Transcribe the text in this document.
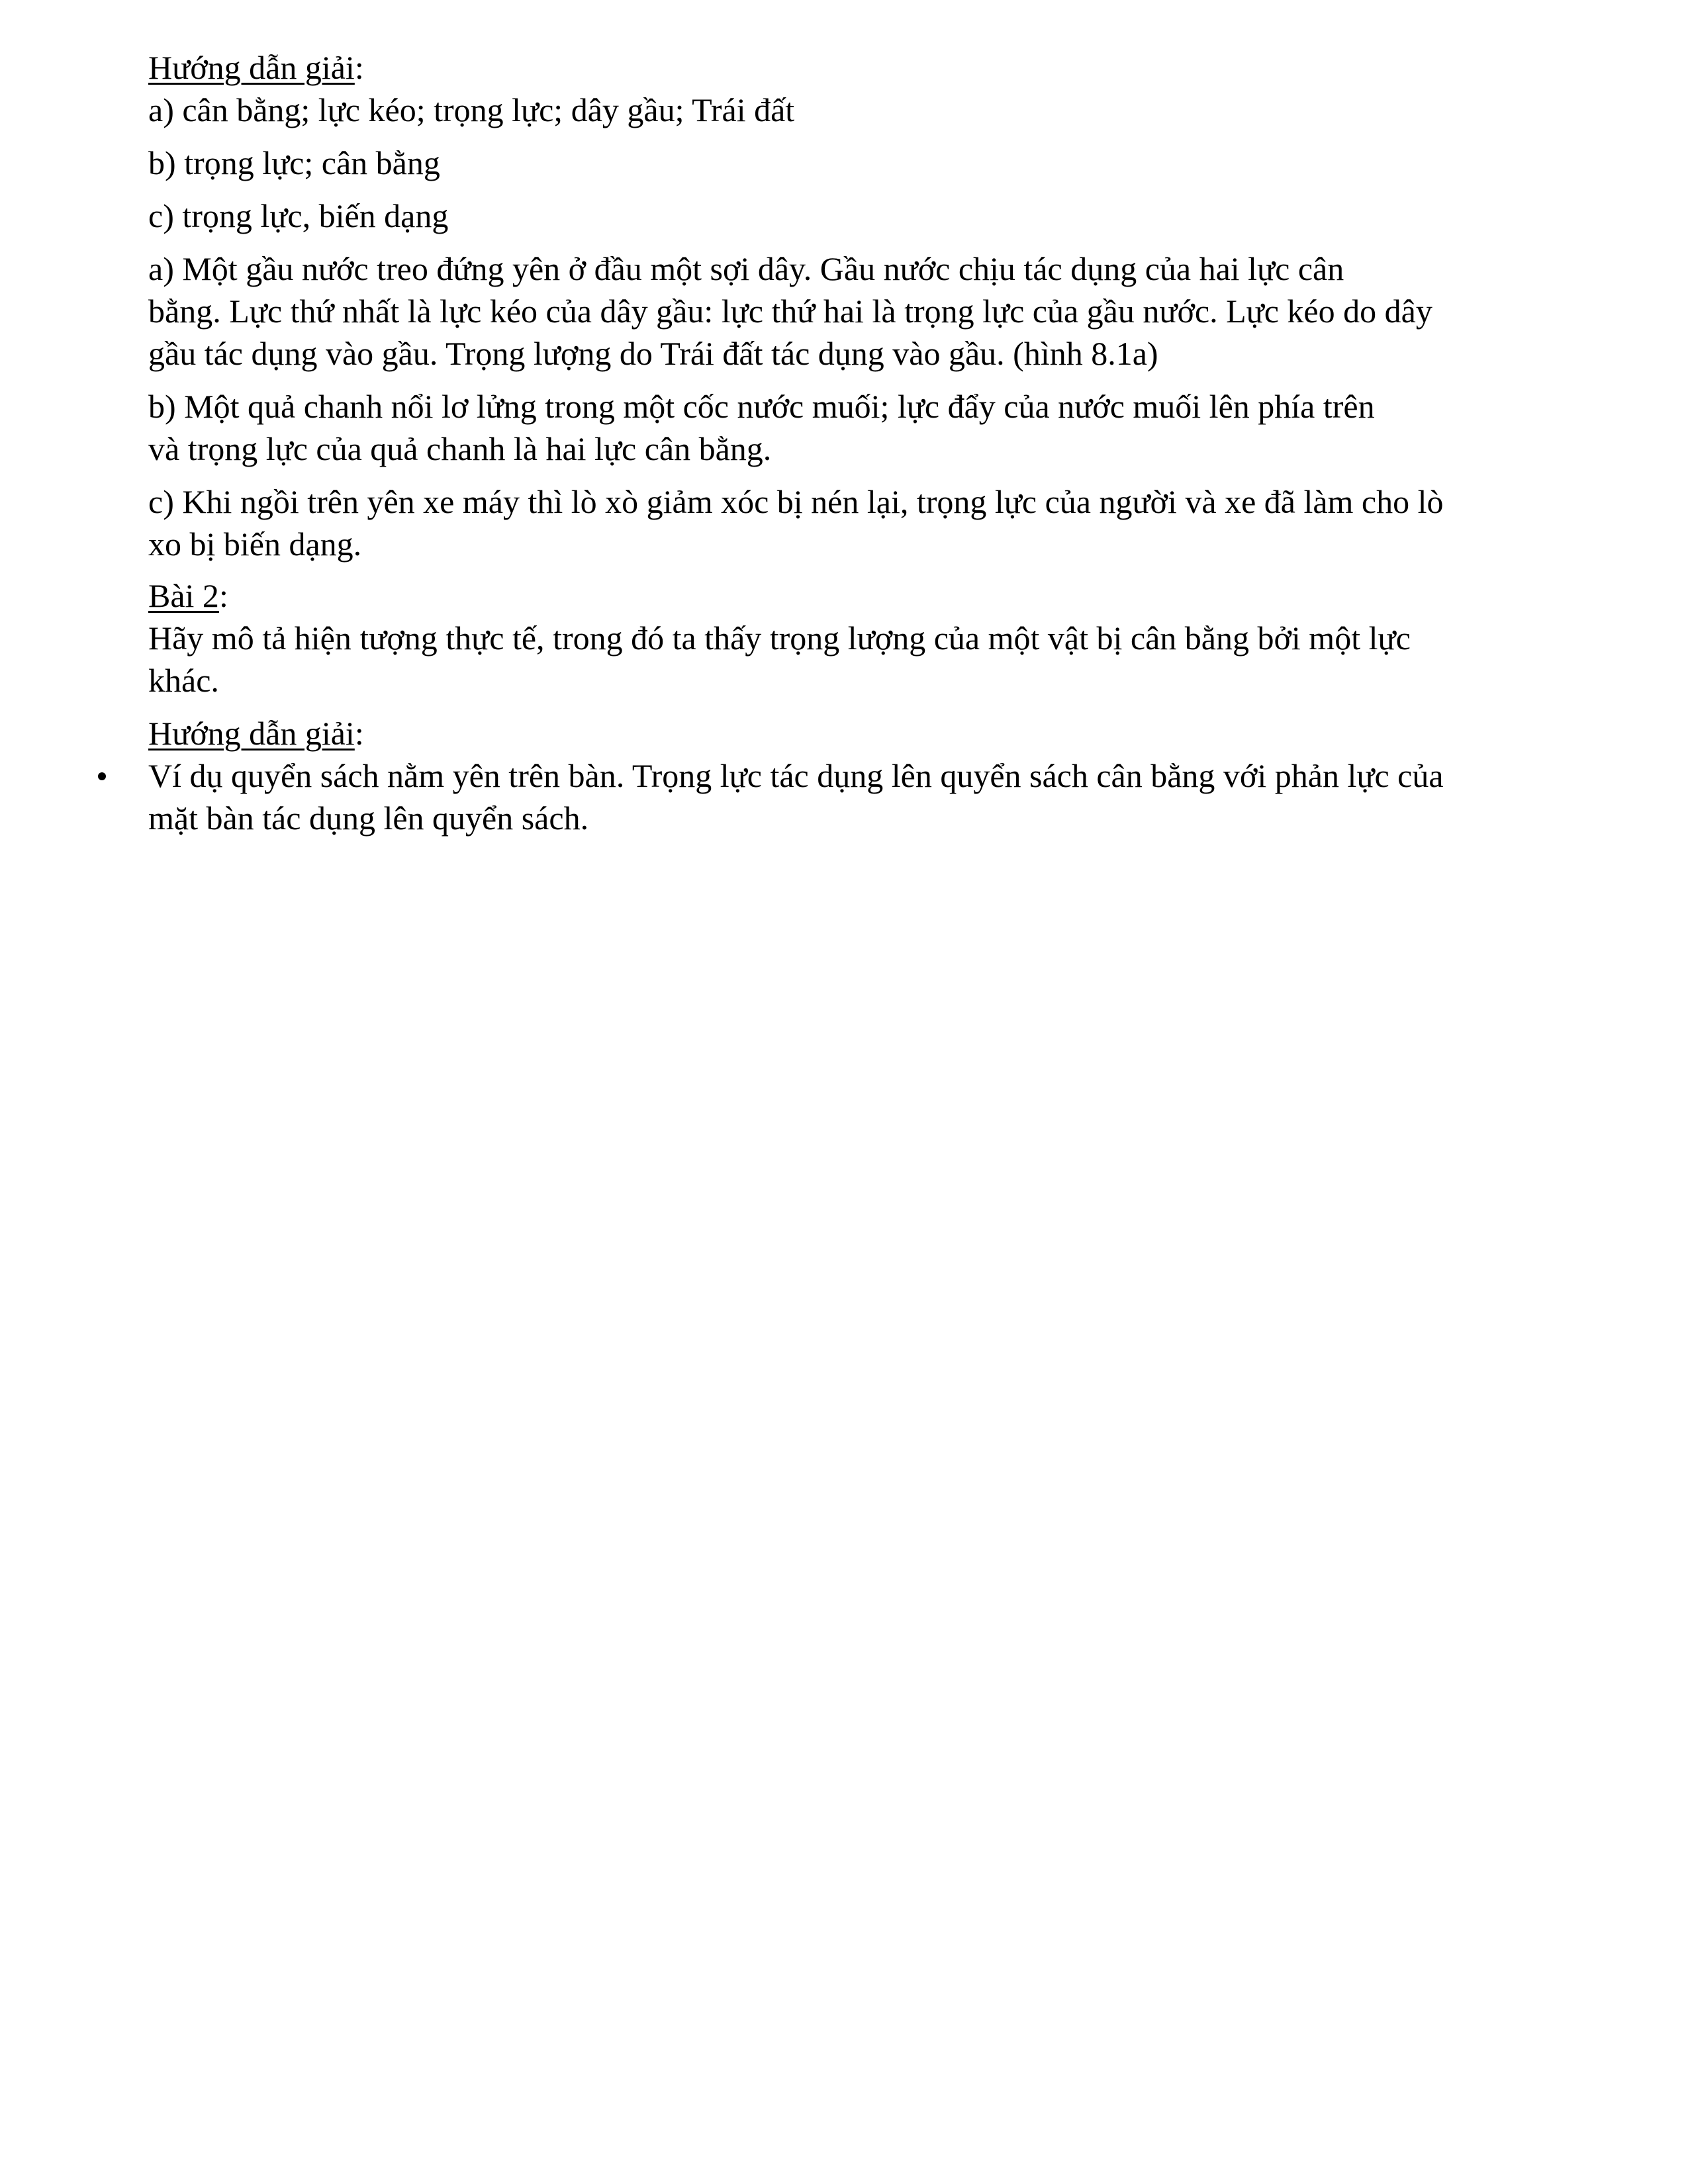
Hướng dẫn giải:

a) cân bằng; lực kéo; trọng lực; dây gầu; Trái đất

b) trọng lực; cân bằng

c) trọng lực, biến dạng

a) Một gầu nước treo đứng yên ở đầu một sợi dây. Gầu nước chịu tác dụng của hai lực cân

bằng. Lực thứ nhất là lực kéo của dây gầu: lực thứ hai là trọng lực của gầu nước. Lực kéo do dây

gầu tác dụng vào gầu. Trọng lượng do Trái đất tác dụng vào gầu. (hình 8.1a)

b) Một quả chanh nổi lơ lửng trong một cốc nước muối; lực đẩy của nước muối lên phía trên

và trọng lực của quả chanh là hai lực cân bằng.

c) Khi ngồi trên yên xe máy thì lò xò giảm xóc bị nén lại, trọng lực của người và xe đã làm cho lò

xo bị biến dạng.

Bài 2:

Hãy mô tả hiện tượng thực tế, trong đó ta thấy trọng lượng của một vật bị cân bằng bởi một lực

khác.

Hướng dẫn giải:

Ví dụ quyển sách nằm yên trên bàn. Trọng lực tác dụng lên quyển sách cân bằng với phản lực của

mặt bàn tác dụng lên quyển sách.
